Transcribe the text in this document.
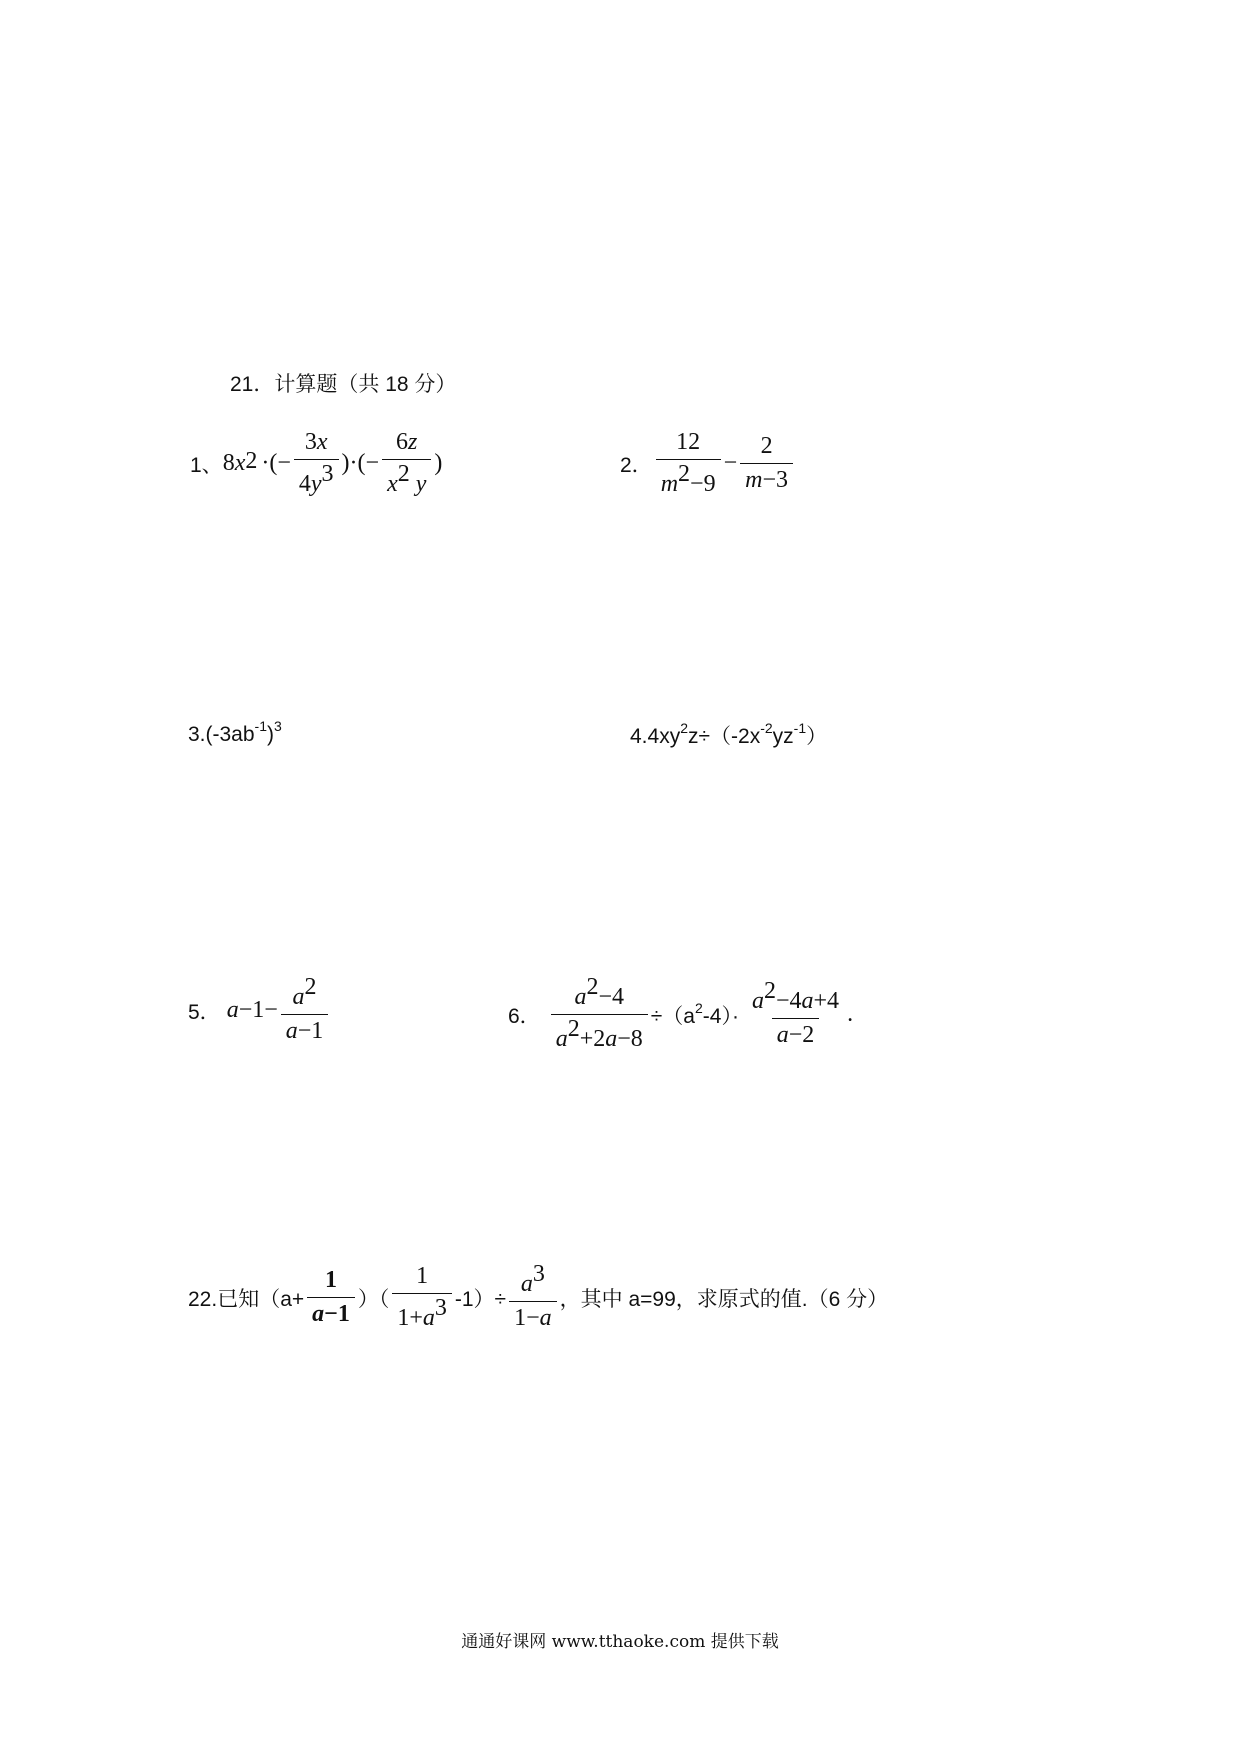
21．计算题（共 18 分）
1、 8 $x^2$ · (− $\frac{3x}{4y^3}$ ) · (− $\frac{6z}{x^2 y}$ )	2． $\frac{12}{m^2-9} - \frac{2}{m-3}$
$3.(-3ab^{-1})^3$	$4.4xy^2z\div(-2x^{-2}yz^{-1})$
5． $a -1- \frac{a^2}{a-1}$	6． $\frac{a^2-4}{a^2+2a-8} \div(a^2-4)\cdot \frac{a^2-4a+4}{a-2}$ .
22.已知（$a+ \frac{1}{a-1}$ ）（ $\frac{1}{1+a^3} -1)\div \frac{a^3}{1-a}$ ，其中 a=99，求原式的值.（6 分）
通通好课网 www.tthaoke.com 提供下载
